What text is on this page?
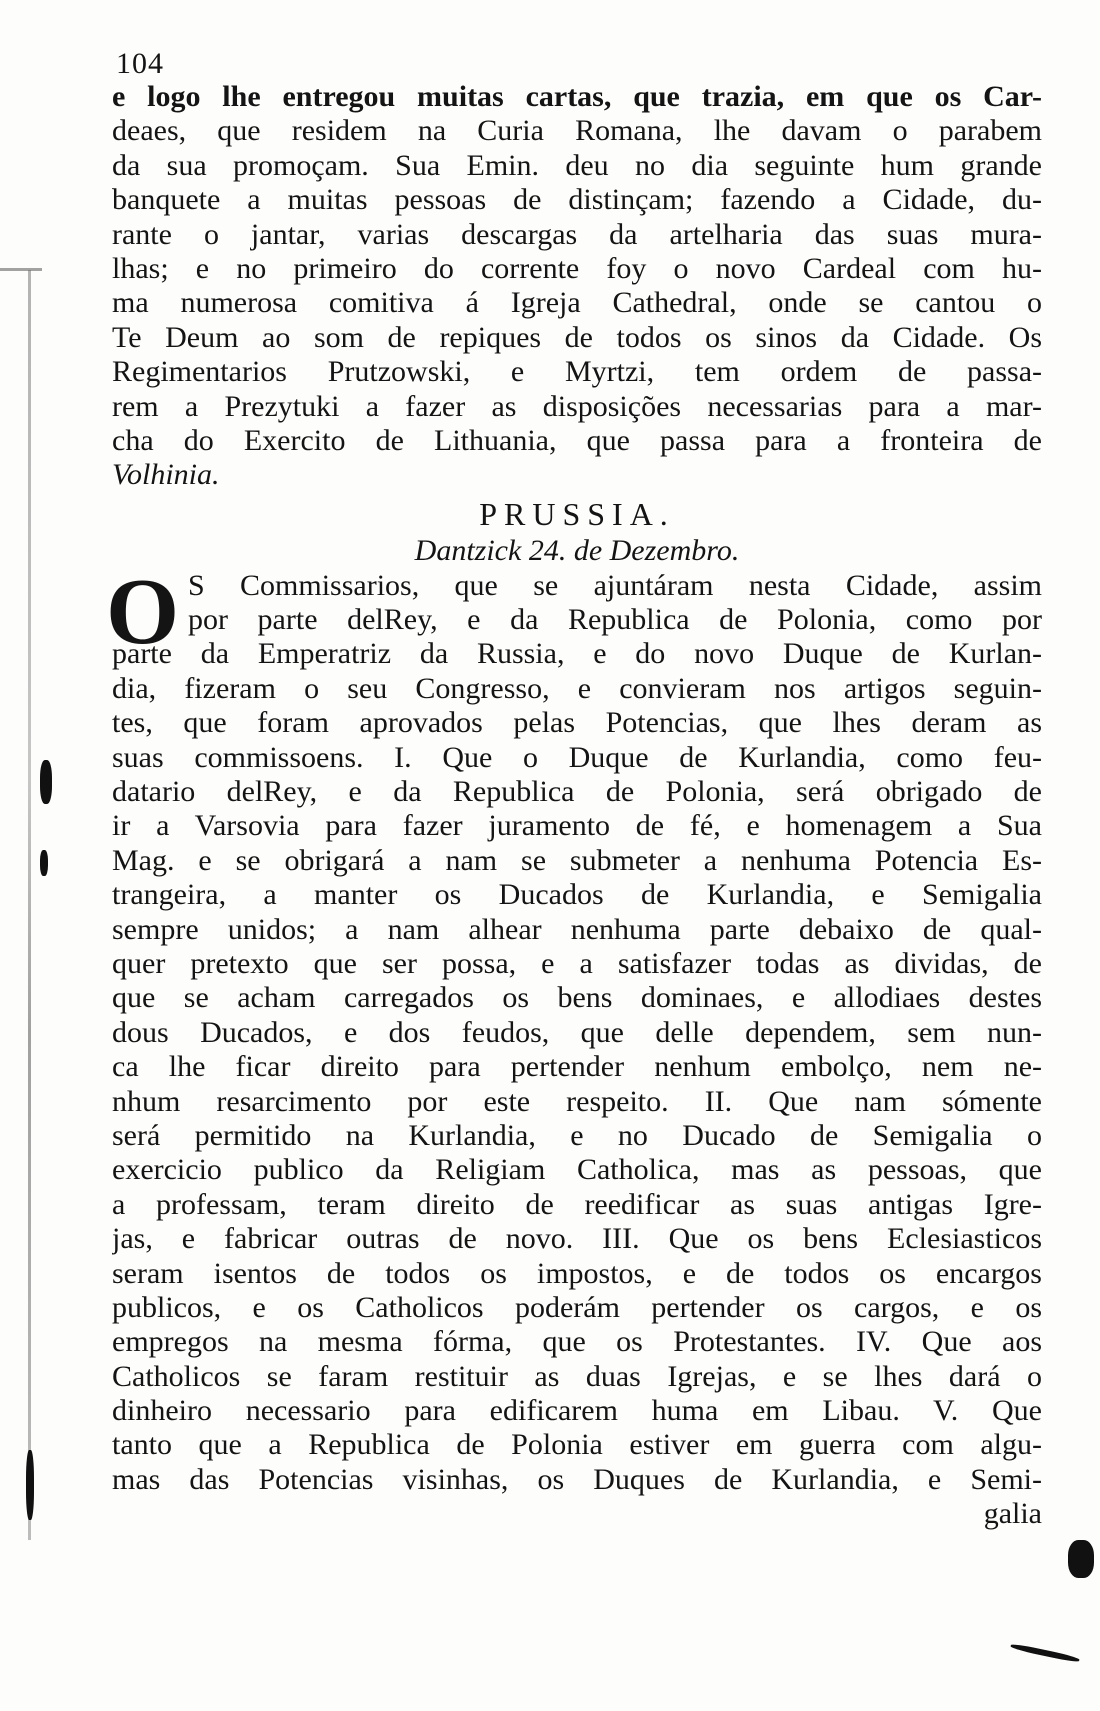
104
e logo lhe entregou muitas cartas, que trazia, em que os Car-
deaes, que residem na Curia Romana, lhe davam o parabem
da sua promoçam. Sua Emin. deu no dia seguinte hum grande
banquete a muitas pessoas de distinçam; fazendo a Cidade, du-
rante o jantar, varias descargas da artelharia das suas mura-
lhas; e no primeiro do corrente foy o novo Cardeal com hu-
ma numerosa comitiva á Igreja Cathedral, onde se cantou o
Te Deum ao som de repiques de todos os sinos da Cidade. Os
Regimentarios Prutzowski, e Myrtzi, tem ordem de passa-
rem a Prezytuki a fazer as disposições necessarias para a mar-
cha do Exercito de Lithuania, que passa para a fronteira de
Volhinia.
PRUSSIA.
Dantzick 24. de Dezembro.
O S Commissarios, que se ajuntáram nesta Cidade, assim
por parte delRey, e da Republica de Polonia, como por
parte da Emperatriz da Russia, e do novo Duque de Kurlan-
dia, fizeram o seu Congresso, e convieram nos artigos seguin-
tes, que foram aprovados pelas Potencias, que lhes deram as
suas commissoens. I. Que o Duque de Kurlandia, como feu-
datario delRey, e da Republica de Polonia, será obrigado de
ir a Varsovia para fazer juramento de fé, e homenagem a Sua
Mag. e se obrigará a nam se submeter a nenhuma Potencia Es-
trangeira, a manter os Ducados de Kurlandia, e Semigalia
sempre unidos; a nam alhear nenhuma parte debaixo de qual-
quer pretexto que ser possa, e a satisfazer todas as dividas, de
que se acham carregados os bens dominaes, e allodiaes destes
dous Ducados, e dos feudos, que delle dependem, sem nun-
ca lhe ficar direito para pertender nenhum embolço, nem ne-
nhum resarcimento por este respeito. II. Que nam sómente
será permitido na Kurlandia, e no Ducado de Semigalia o
exercicio publico da Religiam Catholica, mas as pessoas, que
a professam, teram direito de reedificar as suas antigas Igre-
jas, e fabricar outras de novo. III. Que os bens Eclesiasticos
seram isentos de todos os impostos, e de todos os encargos
publicos, e os Catholicos poderám pertender os cargos, e os
empregos na mesma fórma, que os Protestantes. IV. Que aos
Catholicos se faram restituir as duas Igrejas, e se lhes dará o
dinheiro necessario para edificarem huma em Libau. V. Que
tanto que a Republica de Polonia estiver em guerra com algu-
mas das Potencias visinhas, os Duques de Kurlandia, e Semi-
galia
